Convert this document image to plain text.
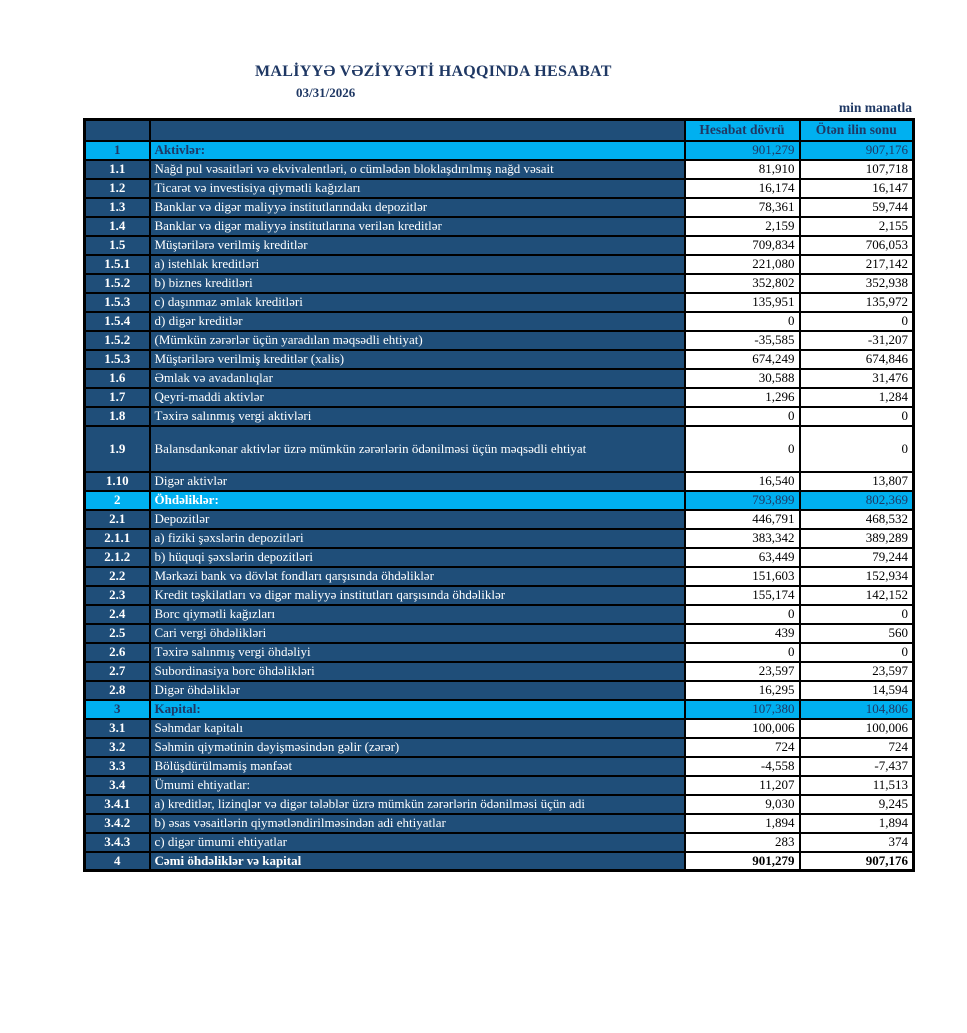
MALİYYƏ VƏZİYYƏTİ HAQQINDA HESABAT
03/31/2026
min manatla
		Hesabat dövrü	Ötən ilin sonu
1	Aktivlər:	901,279	907,176
1.1	Nağd pul vəsaitləri və ekvivalentləri, o cümlədən bloklaşdırılmış nağd vəsait	81,910	107,718
1.2	Ticarət və investisiya qiymətli kağızları	16,174	16,147
1.3	Banklar və digər maliyyə institutlarındakı depozitlər	78,361	59,744
1.4	Banklar və digər maliyyə institutlarına verilən kreditlər	2,159	2,155
1.5	Müştərilərə verilmiş kreditlər	709,834	706,053
1.5.1	a) istehlak kreditləri	221,080	217,142
1.5.2	b) biznes kreditləri	352,802	352,938
1.5.3	c) daşınmaz əmlak kreditləri	135,951	135,972
1.5.4	d) digər kreditlər	0	0
1.5.2	(Mümkün zərərlər üçün yaradılan məqsədli ehtiyat)	-35,585	-31,207
1.5.3	Müştərilərə verilmiş kreditlər (xalis)	674,249	674,846
1.6	Əmlak və avadanlıqlar	30,588	31,476
1.7	Qeyri-maddi aktivlər	1,296	1,284
1.8	Təxirə salınmış vergi aktivləri	0	0
1.9	Balansdankənar aktivlər üzrə mümkün zərərlərin ödənilməsi üçün məqsədli ehtiyat	0	0
1.10	Digər aktivlər	16,540	13,807
2	Öhdəliklər:	793,899	802,369
2.1	Depozitlər	446,791	468,532
2.1.1	a) fiziki şəxslərin depozitləri	383,342	389,289
2.1.2	b) hüquqi şəxslərin depozitləri	63,449	79,244
2.2	Mərkəzi bank və dövlət fondları qarşısında öhdəliklər	151,603	152,934
2.3	Kredit təşkilatları və digər maliyyə institutları qarşısında öhdəliklər	155,174	142,152
2.4	Borc qiymətli kağızları	0	0
2.5	Cari vergi öhdəlikləri	439	560
2.6	Təxirə salınmış vergi öhdəliyi	0	0
2.7	Subordinasiya borc öhdəlikləri	23,597	23,597
2.8	Digər öhdəliklər	16,295	14,594
3	Kapital:	107,380	104,806
3.1	Səhmdar kapitalı	100,006	100,006
3.2	Səhmin qiymətinin dəyişməsindən gəlir (zərər)	724	724
3.3	Bölüşdürülməmiş mənfəət	-4,558	-7,437
3.4	Ümumi ehtiyatlar:	11,207	11,513
3.4.1	a) kreditlər, lizinqlər və digər tələblər üzrə mümkün zərərlərin ödənilməsi üçün adi	9,030	9,245
3.4.2	b) əsas vəsaitlərin qiymətləndirilməsindən adi ehtiyatlar	1,894	1,894
3.4.3	c) digər ümumi ehtiyatlar	283	374
4	Cəmi öhdəliklər və kapital	901,279	907,176
